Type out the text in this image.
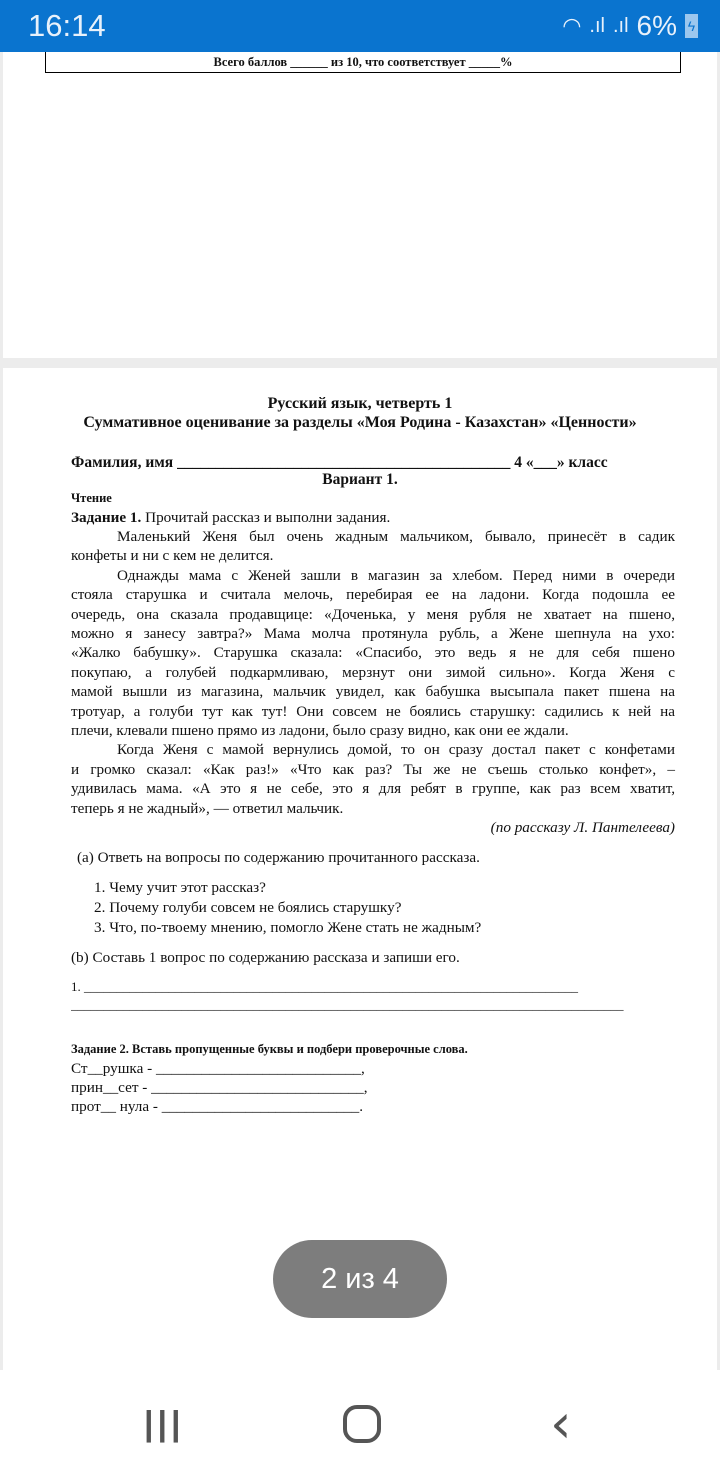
16:14	◠ .ıl .ıl 6% ϟ
Всего баллов ______ из 10, что соответствует _____%
Русский язык, четверть 1
Суммативное оценивание за разделы «Моя Родина - Казахстан» «Ценности»
Фамилия, имя ___________________________________________ 4 «___» класс
Вариант 1.
Чтение
Задание 1. Прочитай рассказ и выполни задания.
Маленький Женя был очень жадным мальчиком, бывало, принесёт в садик
конфеты и ни с кем не делится.
Однажды мама с Женей зашли в магазин за хлебом. Перед ними в очереди
стояла старушка и считала мелочь, перебирая ее на ладони. Когда подошла ее
очередь, она сказала продавщице: «Доченька, у меня рубля не хватает на пшено,
можно я занесу завтра?» Мама молча протянула рубль, а Жене шепнула на ухо:
«Жалко бабушку». Старушка сказала: «Спасибо, это ведь я не для себя пшено
покупаю, а голубей подкармливаю, мерзнут они зимой сильно». Когда Женя с
мамой вышли из магазина, мальчик увидел, как бабушка высыпала пакет пшена на
тротуар, а голуби тут как тут! Они совсем не боялись старушку: садились к ней на
плечи, клевали пшено прямо из ладони, было сразу видно, как они ее ждали.
Когда Женя с мамой вернулись домой, то он сразу достал пакет с конфетами
и громко сказал: «Как раз!» «Что как раз? Ты же не съешь столько конфет», –
удивилась мама. «А это я не себе, это я для ребят в группе, как раз всем хватит,
теперь я не жадный», — ответил мальчик.
(по рассказу Л. Пантелеева)
(a) Ответь на вопросы по содержанию прочитанного рассказа.
1. Чему учит этот рассказ?
2. Почему голуби совсем не боялись старушку?
3. Что, по-твоему мнению, помогло Жене стать не жадным?
(b) Составь 1 вопрос по содержанию рассказа и запиши его.
1. ____________________________________________________________________________
_____________________________________________________________________________________
Задание 2. Вставь пропущенные буквы и подбери проверочные слова.
Ст__рушка - ___________________________,
прин__сет - ____________________________,
прот__ нула - __________________________.
2 из 4
|||	‹
